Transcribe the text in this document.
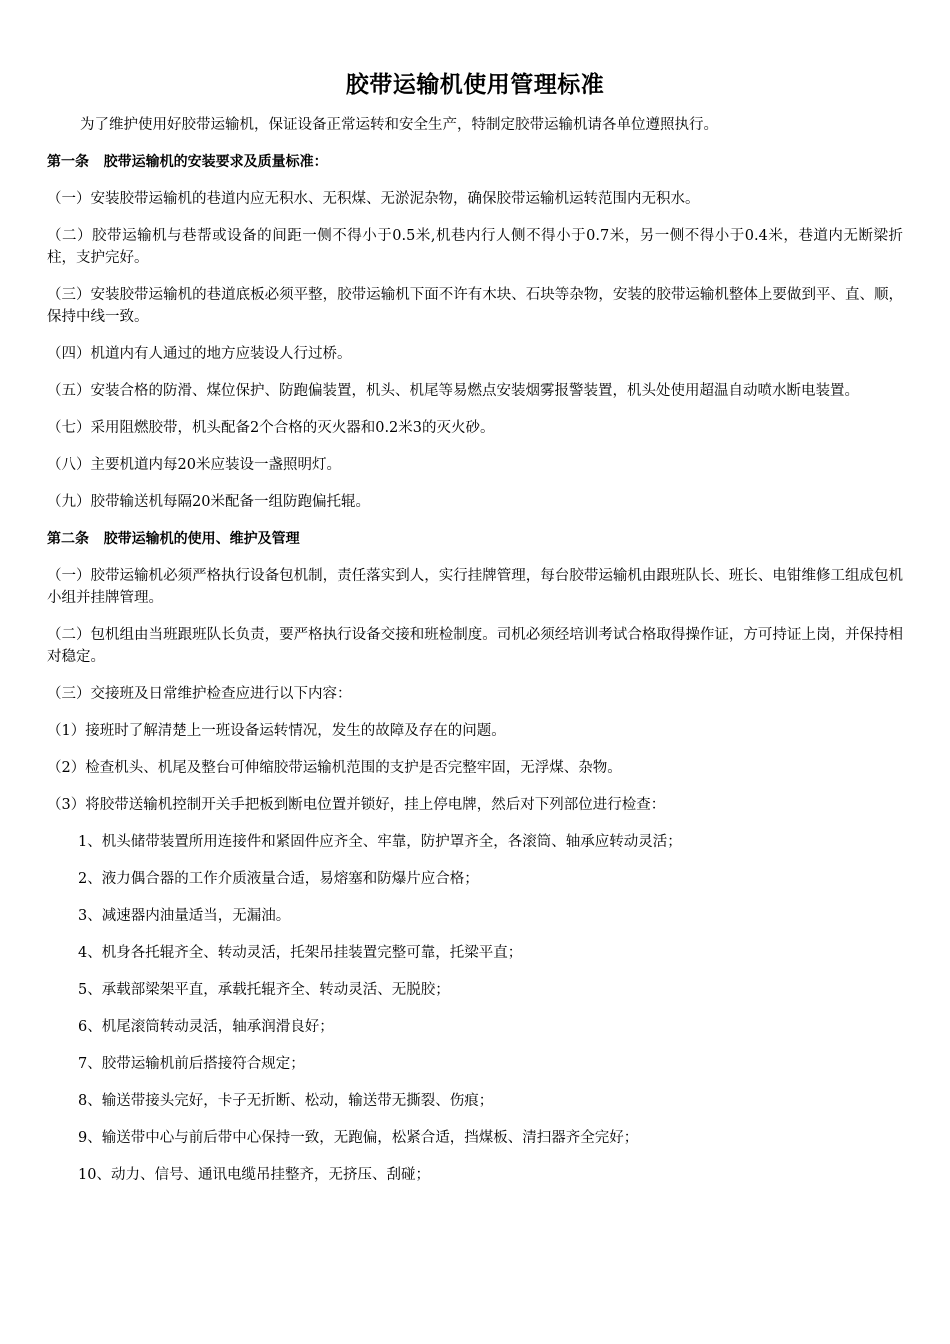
胶带运输机使用管理标准

为了维护使用好胶带运输机，保证设备正常运转和安全生产，特制定胶带运输机请各单位遵照执行。

第一条   胶带运输机的安装要求及质量标准：

（一）安装胶带运输机的巷道内应无积水、无积煤、无淤泥杂物，确保胶带运输机运转范围内无积水。

（二）胶带运输机与巷帮或设备的间距一侧不得小于0.5米,机巷内行人侧不得小于0.7米，另一侧不得小于0.4米，巷道内无断梁折柱，支护完好。

（三）安装胶带运输机的巷道底板必须平整，胶带运输机下面不许有木块、石块等杂物，安装的胶带运输机整体上要做到平、直、顺，保持中线一致。

（四）机道内有人通过的地方应装设人行过桥。

（五）安装合格的防滑、煤位保护、防跑偏装置，机头、机尾等易燃点安装烟雾报警装置，机头处使用超温自动喷水断电装置。

（七）采用阻燃胶带，机头配备2个合格的灭火器和0.2米3的灭火砂。

（八）主要机道内每20米应装设一盏照明灯。

（九）胶带输送机每隔20米配备一组防跑偏托辊。

第二条   胶带运输机的使用、维护及管理

（一）胶带运输机必须严格执行设备包机制，责任落实到人，实行挂牌管理，每台胶带运输机由跟班队长、班长、电钳维修工组成包机小组并挂牌管理。

（二）包机组由当班跟班队长负责，要严格执行设备交接和班检制度。司机必须经培训考试合格取得操作证，方可持证上岗，并保持相对稳定。

（三）交接班及日常维护检查应进行以下内容：

（1）接班时了解清楚上一班设备运转情况，发生的故障及存在的问题。

（2）检查机头、机尾及整台可伸缩胶带运输机范围的支护是否完整牢固，无浮煤、杂物。

（3）将胶带送输机控制开关手把板到断电位置并锁好，挂上停电牌，然后对下列部位进行检查：

1、机头储带装置所用连接件和紧固件应齐全、牢靠，防护罩齐全，各滚筒、轴承应转动灵活；

2、液力偶合器的工作介质液量合适，易熔塞和防爆片应合格；

3、减速器内油量适当，无漏油。

4、机身各托辊齐全、转动灵活，托架吊挂装置完整可靠，托梁平直；

5、承载部梁架平直，承载托辊齐全、转动灵活、无脱胶；

6、机尾滚筒转动灵活，轴承润滑良好；

7、胶带运输机前后搭接符合规定；

8、输送带接头完好，卡子无折断、松动，输送带无撕裂、伤痕；

9、输送带中心与前后带中心保持一致，无跑偏，松紧合适，挡煤板、清扫器齐全完好；

10、动力、信号、通讯电缆吊挂整齐，无挤压、刮碰；
